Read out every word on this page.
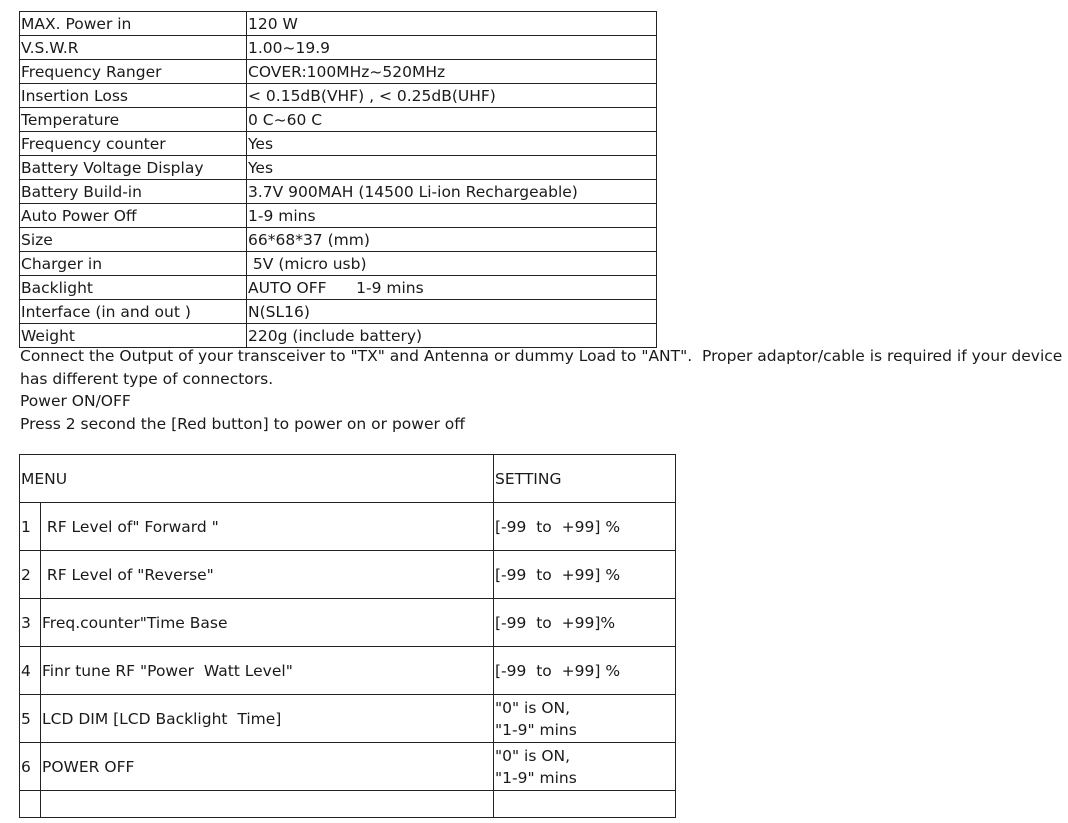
MAX. Power in	120 W
V.S.W.R	1.00~19.9
Frequency Ranger	COVER:100MHz~520MHz
Insertion Loss	< 0.15dB(VHF) , < 0.25dB(UHF)
Temperature	0 C~60 C
Frequency counter	Yes
Battery Voltage Display	Yes
Battery Build-in	3.7V 900MAH (14500 Li-ion Rechargeable)
Auto Power Off	1-9 mins
Size	66*68*37 (mm)
Charger in	5V (micro usb)
Backlight	AUTO OFF      1-9 mins
Interface (in and out )	N(SL16)
Weight	220g (include battery)

Connect the Output of your transceiver to "TX" and Antenna or dummy Load to "ANT".  Proper adaptor/cable is required if your device has different type of connectors.

Power ON/OFF

Press 2 second the [Red button] to power on or power off

MENU		SETTING
1	RF Level of" Forward "	[-99  to  +99] %
2	RF Level of "Reverse"	[-99  to  +99] %
3	Freq.counter"Time Base	[-99  to  +99]%
4	Finr tune RF "Power  Watt Level"	[-99  to  +99] %
5	LCD DIM [LCD Backlight  Time]	"0" is ON,
"1-9" mins

6	POWER OFF	"0" is ON,
"1-9" mins
